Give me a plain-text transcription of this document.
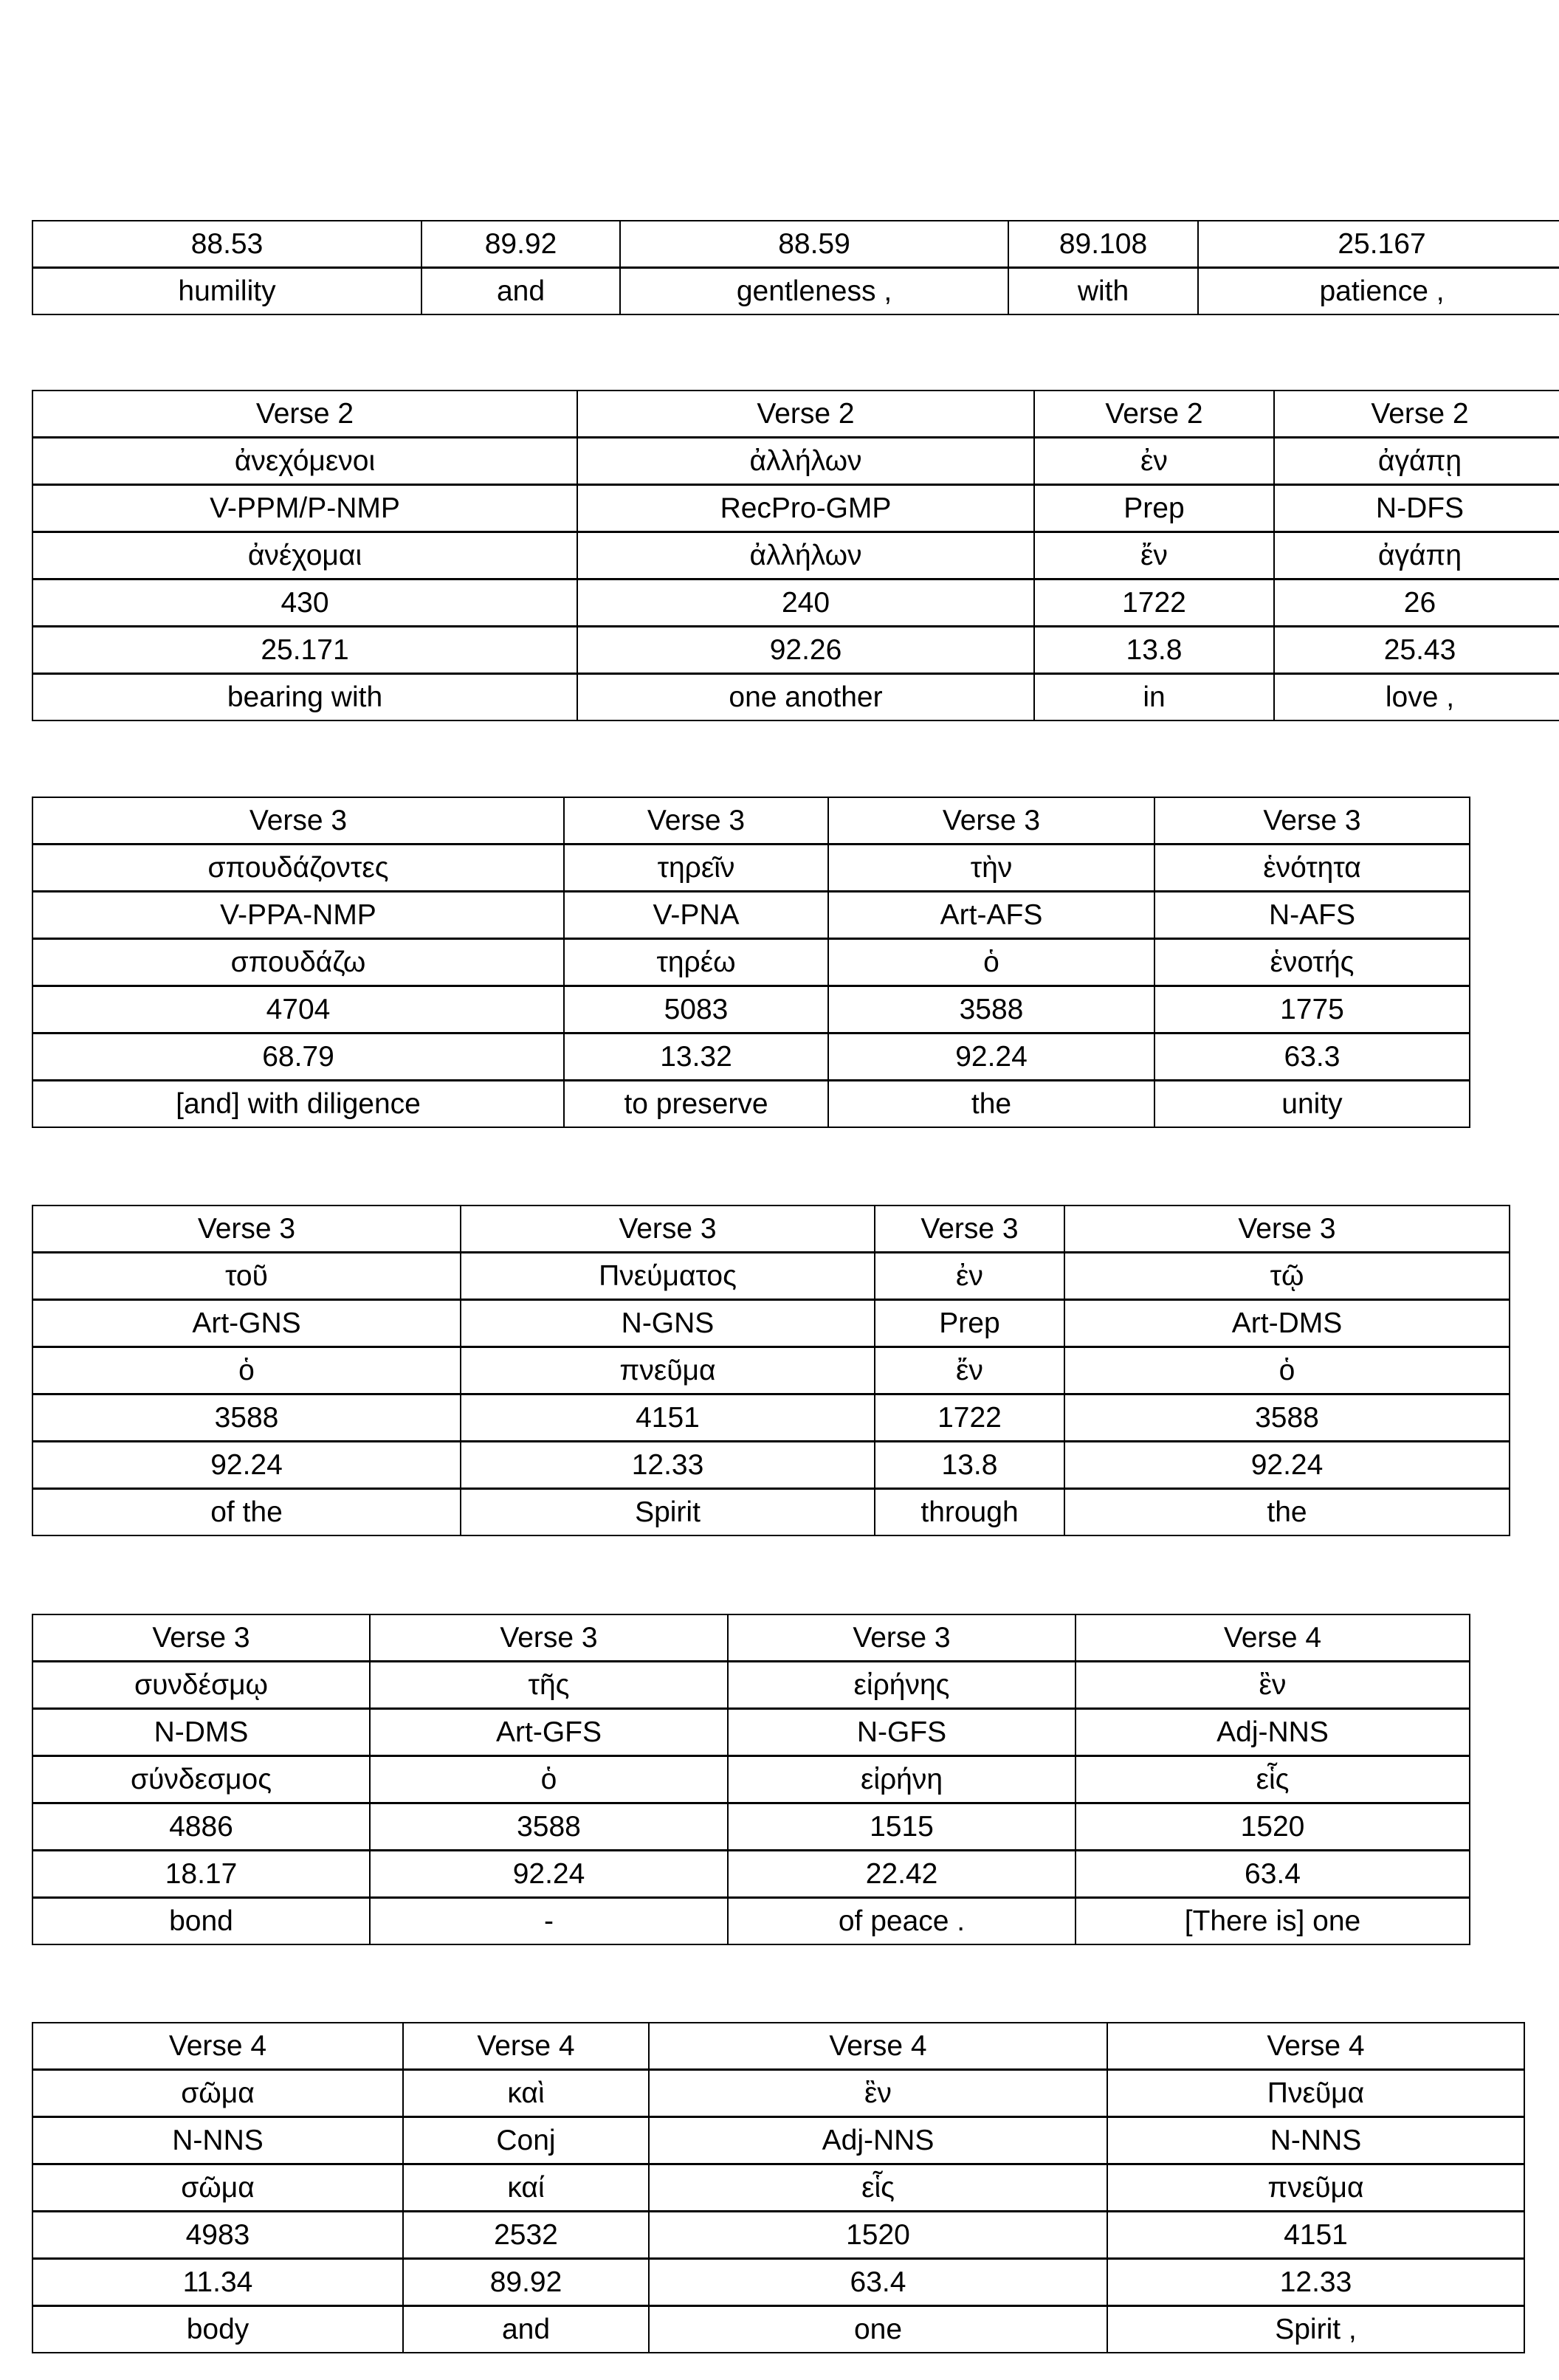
88.53	89.92	88.59	89.108	25.167
humility	and	gentleness ,	with	patience ,
Verse 2	Verse 2	Verse 2	Verse 2
ἀνεχόμενοι	ἀλλήλων	ἐν	ἀγάπῃ
V-PPM/P-NMP	RecPro-GMP	Prep	N-DFS
ἀνέχομαι	ἀλλήλων	ἔν	ἀγάπη
430	240	1722	26
25.171	92.26	13.8	25.43
bearing with	one another	in	love ,
Verse 3	Verse 3	Verse 3	Verse 3
σπουδάζοντες	τηρεῖν	τὴν	ἑνότητα
V-PPA-NMP	V-PNA	Art-AFS	N-AFS
σπουδάζω	τηρέω	ὁ	ἑνοτής
4704	5083	3588	1775
68.79	13.32	92.24	63.3
[and] with diligence	to preserve	the	unity
Verse 3	Verse 3	Verse 3	Verse 3
τοῦ	Πνεύματος	ἐν	τῷ
Art-GNS	N-GNS	Prep	Art-DMS
ὁ	πνεῦμα	ἔν	ὁ
3588	4151	1722	3588
92.24	12.33	13.8	92.24
of the	Spirit	through	the
Verse 3	Verse 3	Verse 3	Verse 4
συνδέσμῳ	τῆς	εἰρήνης	ἓν
N-DMS	Art-GFS	N-GFS	Adj-NNS
σύνδεσμος	ὁ	εἰρήνη	εἷς
4886	3588	1515	1520
18.17	92.24	22.42	63.4
bond	-	of peace .	[There is] one
Verse 4	Verse 4	Verse 4	Verse 4
σῶμα	καὶ	ἓν	Πνεῦμα
N-NNS	Conj	Adj-NNS	N-NNS
σῶμα	καί	εἷς	πνεῦμα
4983	2532	1520	4151
11.34	89.92	63.4	12.33
body	and	one	Spirit ,
